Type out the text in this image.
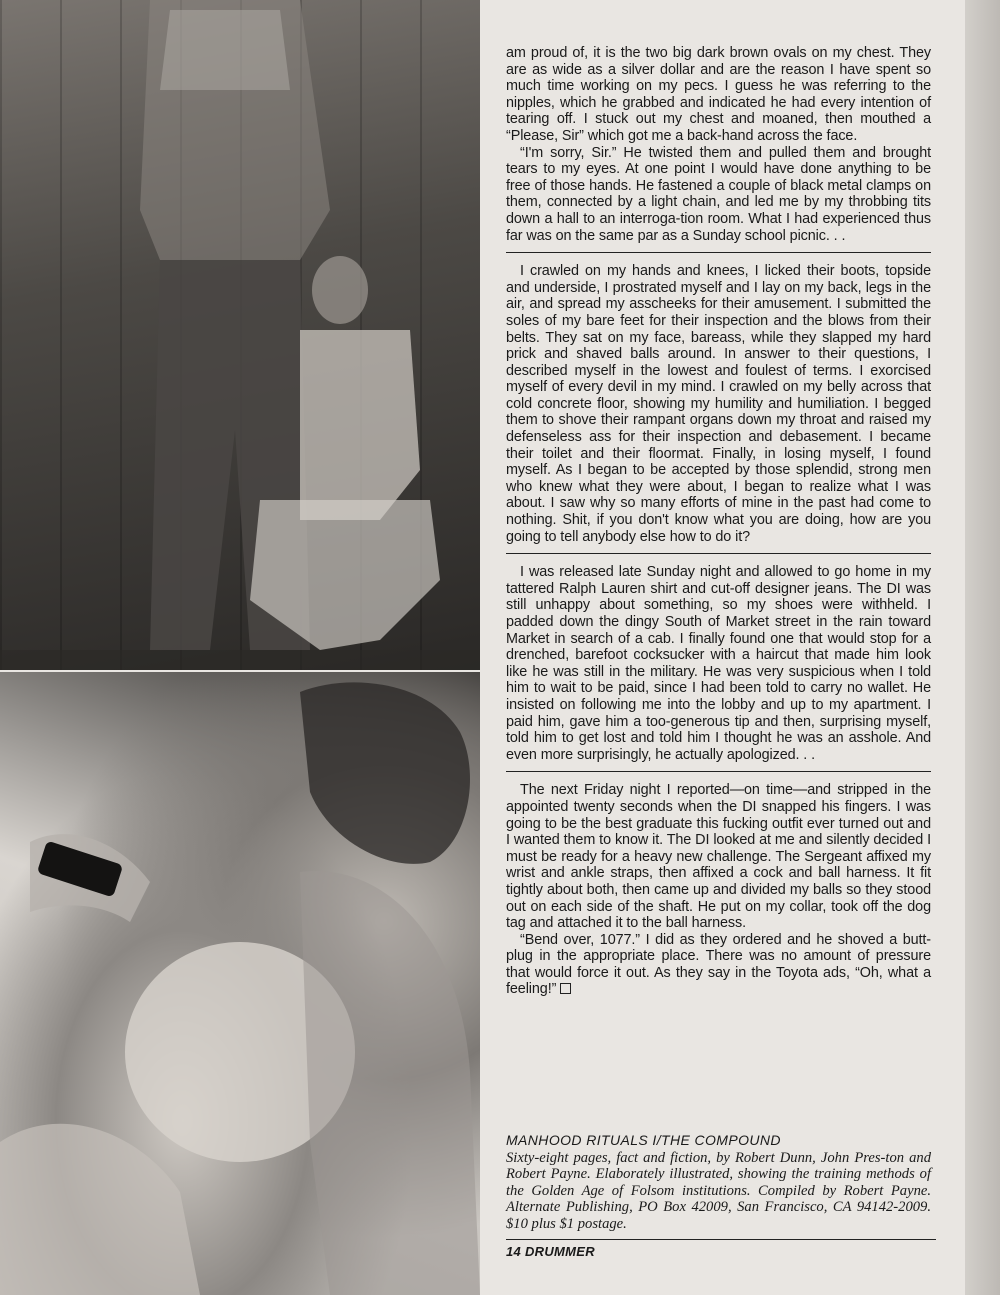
am proud of, it is the two big dark brown ovals on my chest. They are as wide as a silver dollar and are the reason I have spent so much time working on my pecs. I guess he was referring to the nipples, which he grabbed and indicated he had every intention of tearing off. I stuck out my chest and moaned, then mouthed a “Please, Sir” which got me a back-hand across the face.

“I'm sorry, Sir.” He twisted them and pulled them and brought tears to my eyes. At one point I would have done anything to be free of those hands. He fastened a couple of black metal clamps on them, connected by a light chain, and led me by my throbbing tits down a hall to an interroga-tion room. What I had experienced thus far was on the same par as a Sunday school picnic. . .

I crawled on my hands and knees, I licked their boots, topside and underside, I prostrated myself and I lay on my back, legs in the air, and spread my asscheeks for their amusement. I submitted the soles of my bare feet for their inspection and the blows from their belts. They sat on my face, bareass, while they slapped my hard prick and shaved balls around. In answer to their questions, I described myself in the lowest and foulest of terms. I exorcised myself of every devil in my mind. I crawled on my belly across that cold concrete floor, showing my humility and humiliation. I begged them to shove their rampant organs down my throat and raised my defenseless ass for their inspection and debasement. I became their toilet and their floormat. Finally, in losing myself, I found myself. As I began to be accepted by those splendid, strong men who knew what they were about, I began to realize what I was about. I saw why so many efforts of mine in the past had come to nothing. Shit, if you don't know what you are doing, how are you going to tell anybody else how to do it?

I was released late Sunday night and allowed to go home in my tattered Ralph Lauren shirt and cut-off designer jeans. The DI was still unhappy about something, so my shoes were withheld. I padded down the dingy South of Market street in the rain toward Market in search of a cab. I finally found one that would stop for a drenched, barefoot cocksucker with a haircut that made him look like he was still in the military. He was very suspicious when I told him to wait to be paid, since I had been told to carry no wallet. He insisted on following me into the lobby and up to my apartment. I paid him, gave him a too-generous tip and then, surprising myself, told him to get lost and told him I thought he was an asshole. And even more surprisingly, he actually apologized. . .

The next Friday night I reported—on time—and stripped in the appointed twenty seconds when the DI snapped his fingers. I was going to be the best graduate this fucking outfit ever turned out and I wanted them to know it. The DI looked at me and silently decided I must be ready for a heavy new challenge. The Sergeant affixed my wrist and ankle straps, then affixed a cock and ball harness. It fit tightly about both, then came up and divided my balls so they stood out on each side of the shaft. He put on my collar, took off the dog tag and attached it to the ball harness.

“Bend over, 1077.” I did as they ordered and he shoved a butt-plug in the appropriate place. There was no amount of pressure that would force it out. As they say in the Toyota ads, “Oh, what a feeling!”

MANHOOD RITUALS I/THE COMPOUND
Sixty-eight pages, fact and fiction, by Robert Dunn, John Pres-ton and Robert Payne. Elaborately illustrated, showing the training methods of the Golden Age of Folsom institutions. Compiled by Robert Payne. Alternate Publishing, PO Box 42009, San Francisco, CA 94142-2009. $10 plus $1 postage.
14 DRUMMER
